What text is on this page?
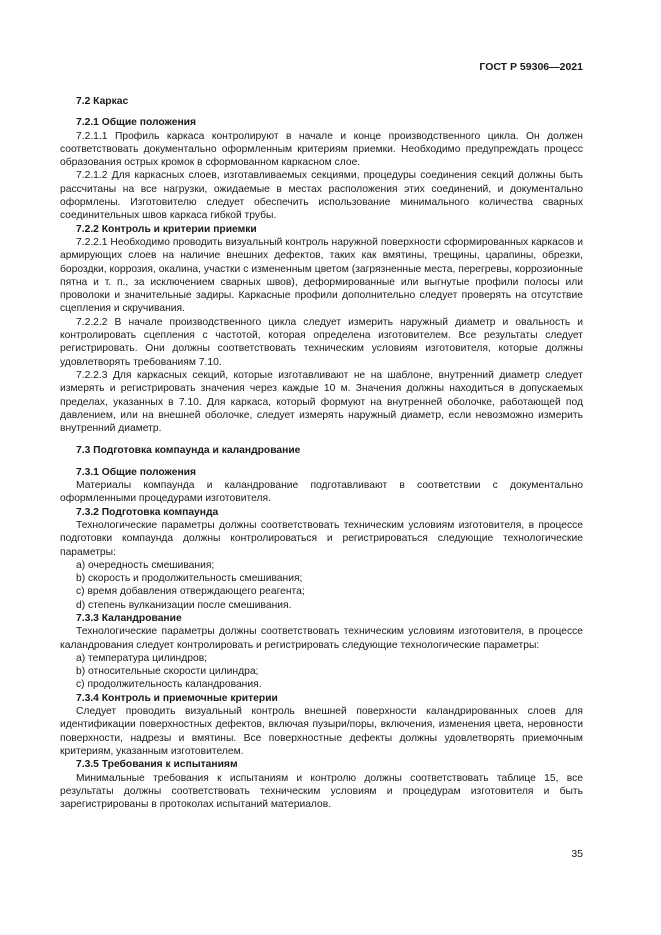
ГОСТ Р 59306—2021

7.2 Каркас

7.2.1 Общие положения

7.2.1.1 Профиль каркаса контролируют в начале и конце производственного цикла. Он должен соответствовать документально оформленным критериям приемки. Необходимо предупреждать процесс образования острых кромок в сформованном каркасном слое.

7.2.1.2 Для каркасных слоев, изготавливаемых секциями, процедуры соединения секций должны быть рассчитаны на все нагрузки, ожидаемые в местах расположения этих соединений, и документально оформлены. Изготовителю следует обеспечить использование минимального количества сварных соединительных швов каркаса гибкой трубы.

7.2.2 Контроль и критерии приемки

7.2.2.1 Необходимо проводить визуальный контроль наружной поверхности сформированных каркасов и армирующих слоев на наличие внешних дефектов, таких как вмятины, трещины, царапины, обрезки, бороздки, коррозия, окалина, участки с измененным цветом (загрязненные места, перегревы, коррозионные пятна и т. п., за исключением сварных швов), деформированные или выгнутые профили полосы или проволоки и значительные задиры. Каркасные профили дополнительно следует проверять на отсутствие сцепления и скручивания.

7.2.2.2 В начале производственного цикла следует измерить наружный диаметр и овальность и контролировать сцепления с частотой, которая определена изготовителем. Все результаты следует регистрировать. Они должны соответствовать техническим условиям изготовителя, которые должны удовлетворять требованиям 7.10.

7.2.2.3 Для каркасных секций, которые изготавливают не на шаблоне, внутренний диаметр следует измерять и регистрировать значения через каждые 10 м. Значения должны находиться в допускаемых пределах, указанных в 7.10. Для каркаса, который формуют на внутренней оболочке, работающей под давлением, или на внешней оболочке, следует измерять наружный диаметр, если невозможно измерить внутренний диаметр.

7.3 Подготовка компаунда и каландрование

7.3.1 Общие положения

Материалы компаунда и каландрование подготавливают в соответствии с документально оформленными процедурами изготовителя.

7.3.2 Подготовка компаунда

Технологические параметры должны соответствовать техническим условиям изготовителя, в процессе подготовки компаунда должны контролироваться и регистрироваться следующие технологические параметры:

a) очередность смешивания;

b) скорость и продолжительность смешивания;

c) время добавления отверждающего реагента;

d) степень вулканизации после смешивания.

7.3.3 Каландрование

Технологические параметры должны соответствовать техническим условиям изготовителя, в процессе каландрования следует контролировать и регистрировать следующие технологические параметры:

a) температура цилиндров;

b) относительные скорости цилиндра;

c) продолжительность каландрования.

7.3.4 Контроль и приемочные критерии

Следует проводить визуальный контроль внешней поверхности каландрированных слоев для идентификации поверхностных дефектов, включая пузыри/поры, включения, изменения цвета, неровности поверхности, надрезы и вмятины. Все поверхностные дефекты должны удовлетворять приемочным критериям, указанным изготовителем.

7.3.5 Требования к испытаниям

Минимальные требования к испытаниям и контролю должны соответствовать таблице 15, все результаты должны соответствовать техническим условиям и процедурам изготовителя и быть зарегистрированы в протоколах испытаний материалов.

35
